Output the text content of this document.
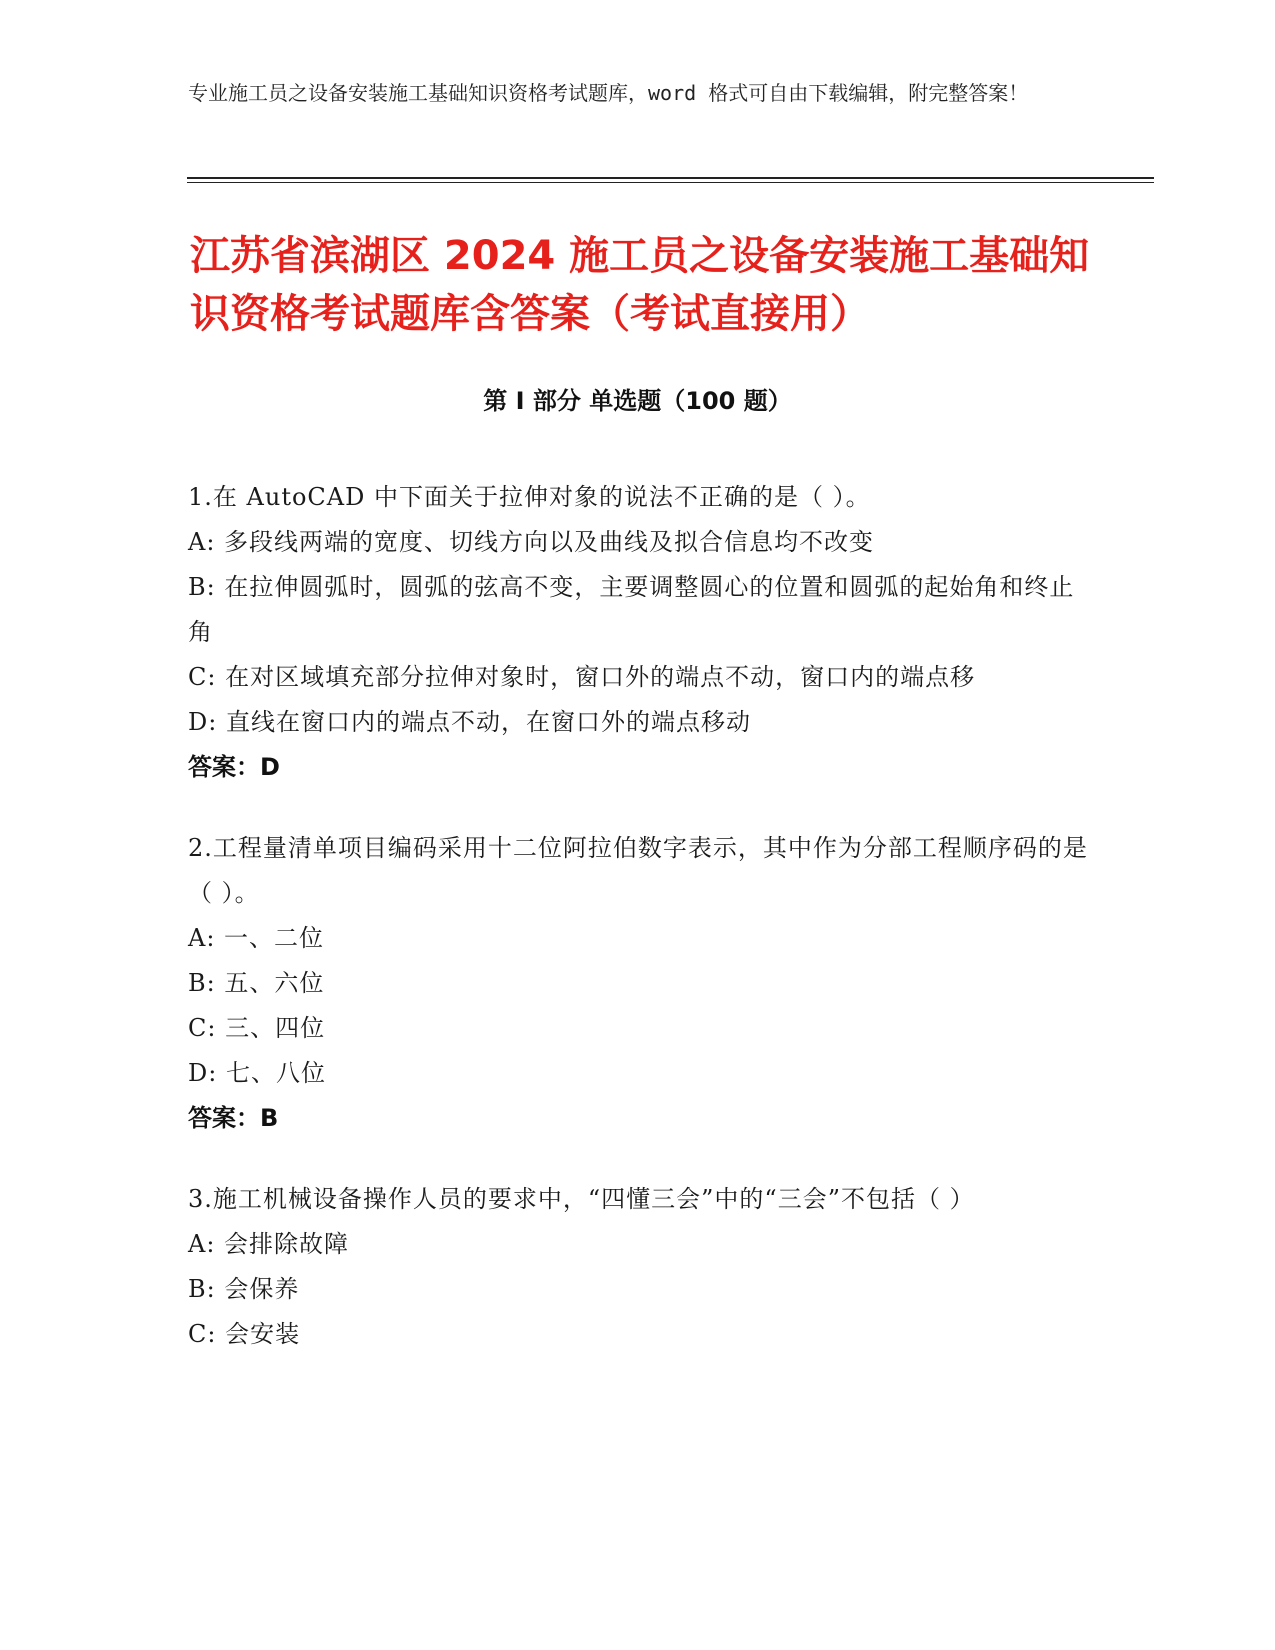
专业施工员之设备安装施工基础知识资格考试题库，word 格式可自由下载编辑，附完整答案！
江苏省滨湖区 2024 施工员之设备安装施工基础知识资格考试题库含答案（考试直接用）
第 I 部分 单选题（100 题）
1.在 AutoCAD 中下面关于拉伸对象的说法不正确的是（ ）。
A: 多段线两端的宽度、切线方向以及曲线及拟合信息均不改变
B: 在拉伸圆弧时，圆弧的弦高不变，主要调整圆心的位置和圆弧的起始角和终止角
C: 在对区域填充部分拉伸对象时，窗口外的端点不动，窗口内的端点移
D: 直线在窗口内的端点不动，在窗口外的端点移动
答案：D
2.工程量清单项目编码采用十二位阿拉伯数字表示，其中作为分部工程顺序码的是（ ）。
A: 一、二位
B: 五、六位
C: 三、四位
D: 七、八位
答案：B
3.施工机械设备操作人员的要求中，“四懂三会”中的“三会”不包括（ ）
A: 会排除故障
B: 会保养
C: 会安装
